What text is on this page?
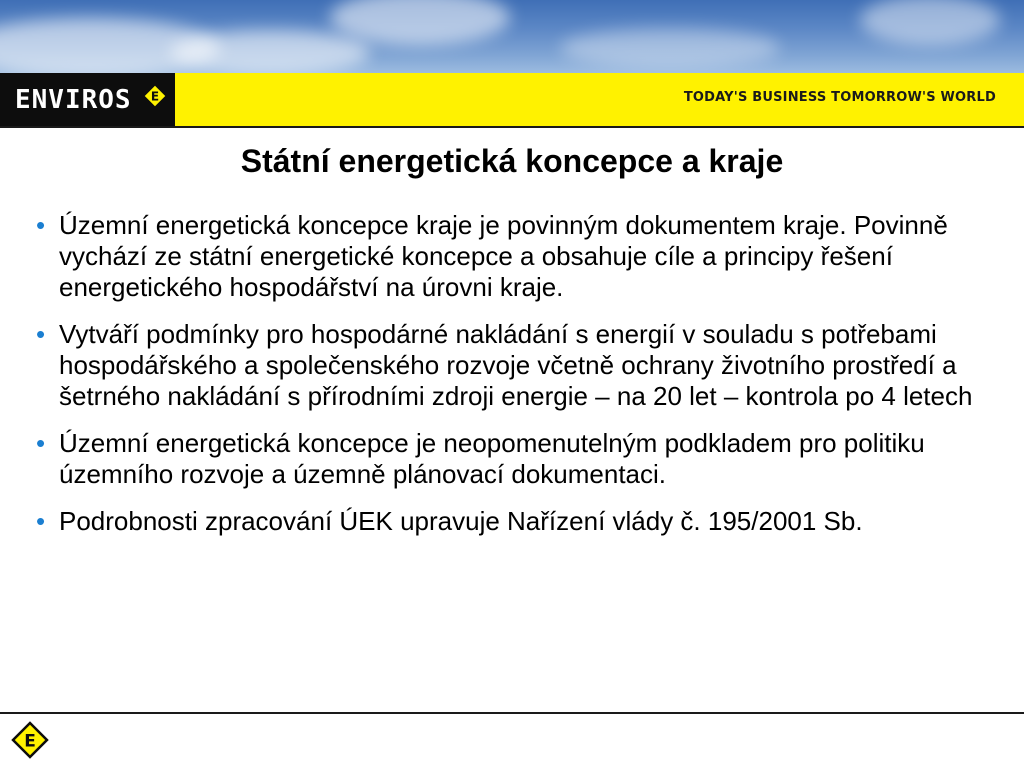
ENVIROS E	TODAY'S BUSINESS TOMORROW'S WORLD
Státní energetická koncepce a kraje
• Územní energetická koncepce kraje je povinným dokumentem kraje. Povinně vychází ze státní energetické koncepce a obsahuje cíle a principy řešení energetického hospodářství na úrovni kraje.
• Vytváří podmínky pro hospodárné nakládání s energií v souladu s potřebami hospodářského a společenského rozvoje včetně ochrany životního prostředí a šetrného nakládání s přírodními zdroji energie – na 20 let – kontrola po 4 letech
• Územní energetická koncepce je neopomenutelným podkladem pro politiku územního rozvoje a územně plánovací dokumentaci.
• Podrobnosti zpracování ÚEK upravuje Nařízení vlády č. 195/2001 Sb.
E
